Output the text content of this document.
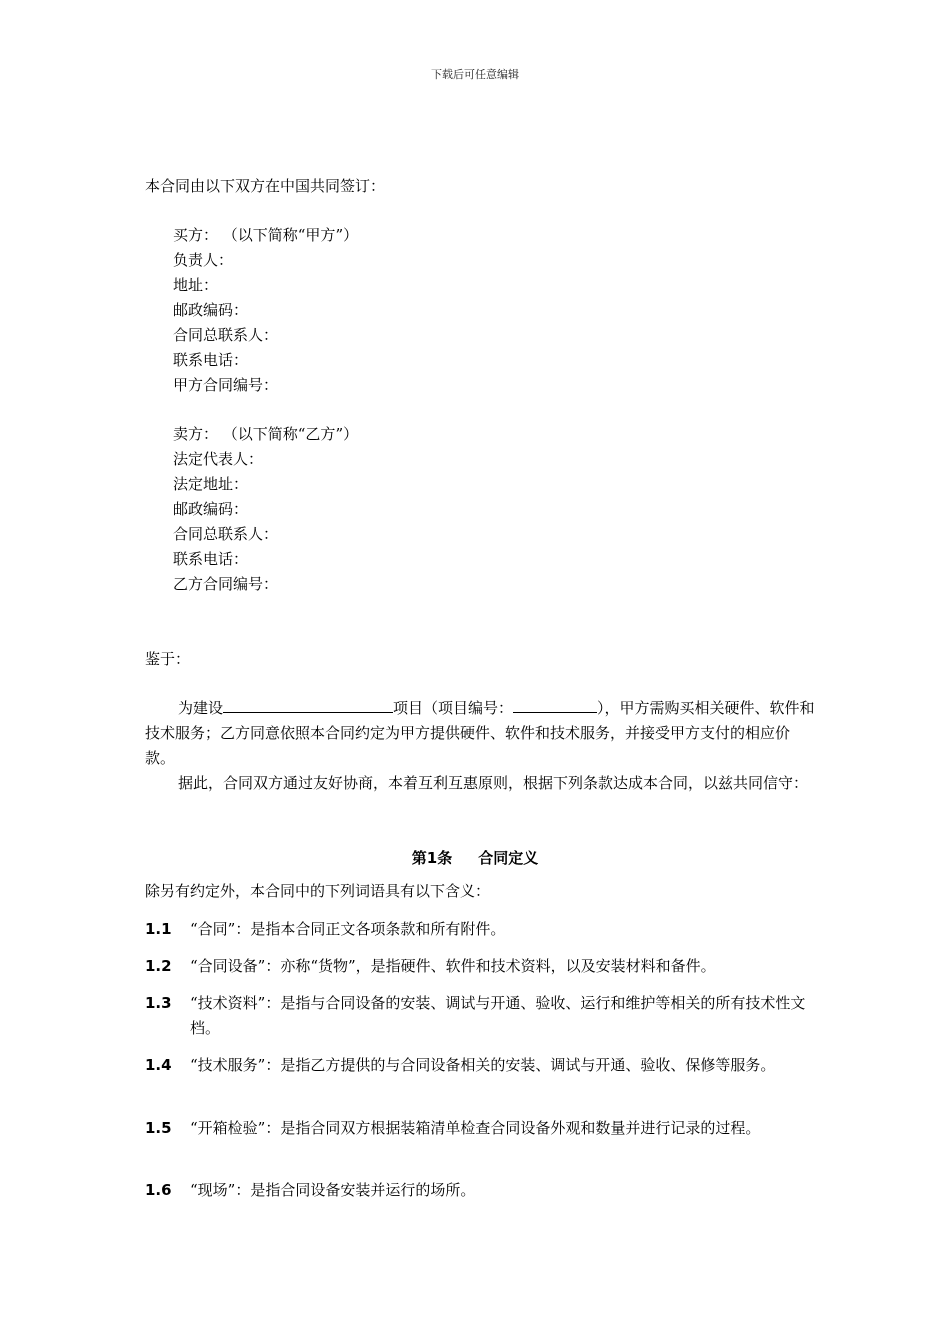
下载后可任意编辑
本合同由以下双方在中国共同签订：
买方： （以下简称“甲方”）
负责人：
地址：
邮政编码：
合同总联系人：
联系电话：
甲方合同编号：
卖方： （以下简称“乙方”）
法定代表人：
法定地址：
邮政编码：
合同总联系人：
联系电话：
乙方合同编号：
鉴于：
为建设	项目（项目编号：	），甲方需购买相关硬件、软件和技术服务；乙方同意依照本合同约定为甲方提供硬件、软件和技术服务，并接受甲方支付的相应价款。
据此，合同双方通过友好协商，本着互利互惠原则，根据下列条款达成本合同，以兹共同信守：
第1条 合同定义
除另有约定外，本合同中的下列词语具有以下含义：
1.1 “合同”：是指本合同正文各项条款和所有附件。
1.2 “合同设备”：亦称“货物”，是指硬件、软件和技术资料，以及安装材料和备件。
1.3 “技术资料”：是指与合同设备的安装、调试与开通、验收、运行和维护等相关的所有技术性文档。
1.4 “技术服务”：是指乙方提供的与合同设备相关的安装、调试与开通、验收、保修等服务。
1.5 “开箱检验”：是指合同双方根据装箱清单检查合同设备外观和数量并进行记录的过程。
1.6 “现场”：是指合同设备安装并运行的场所。
